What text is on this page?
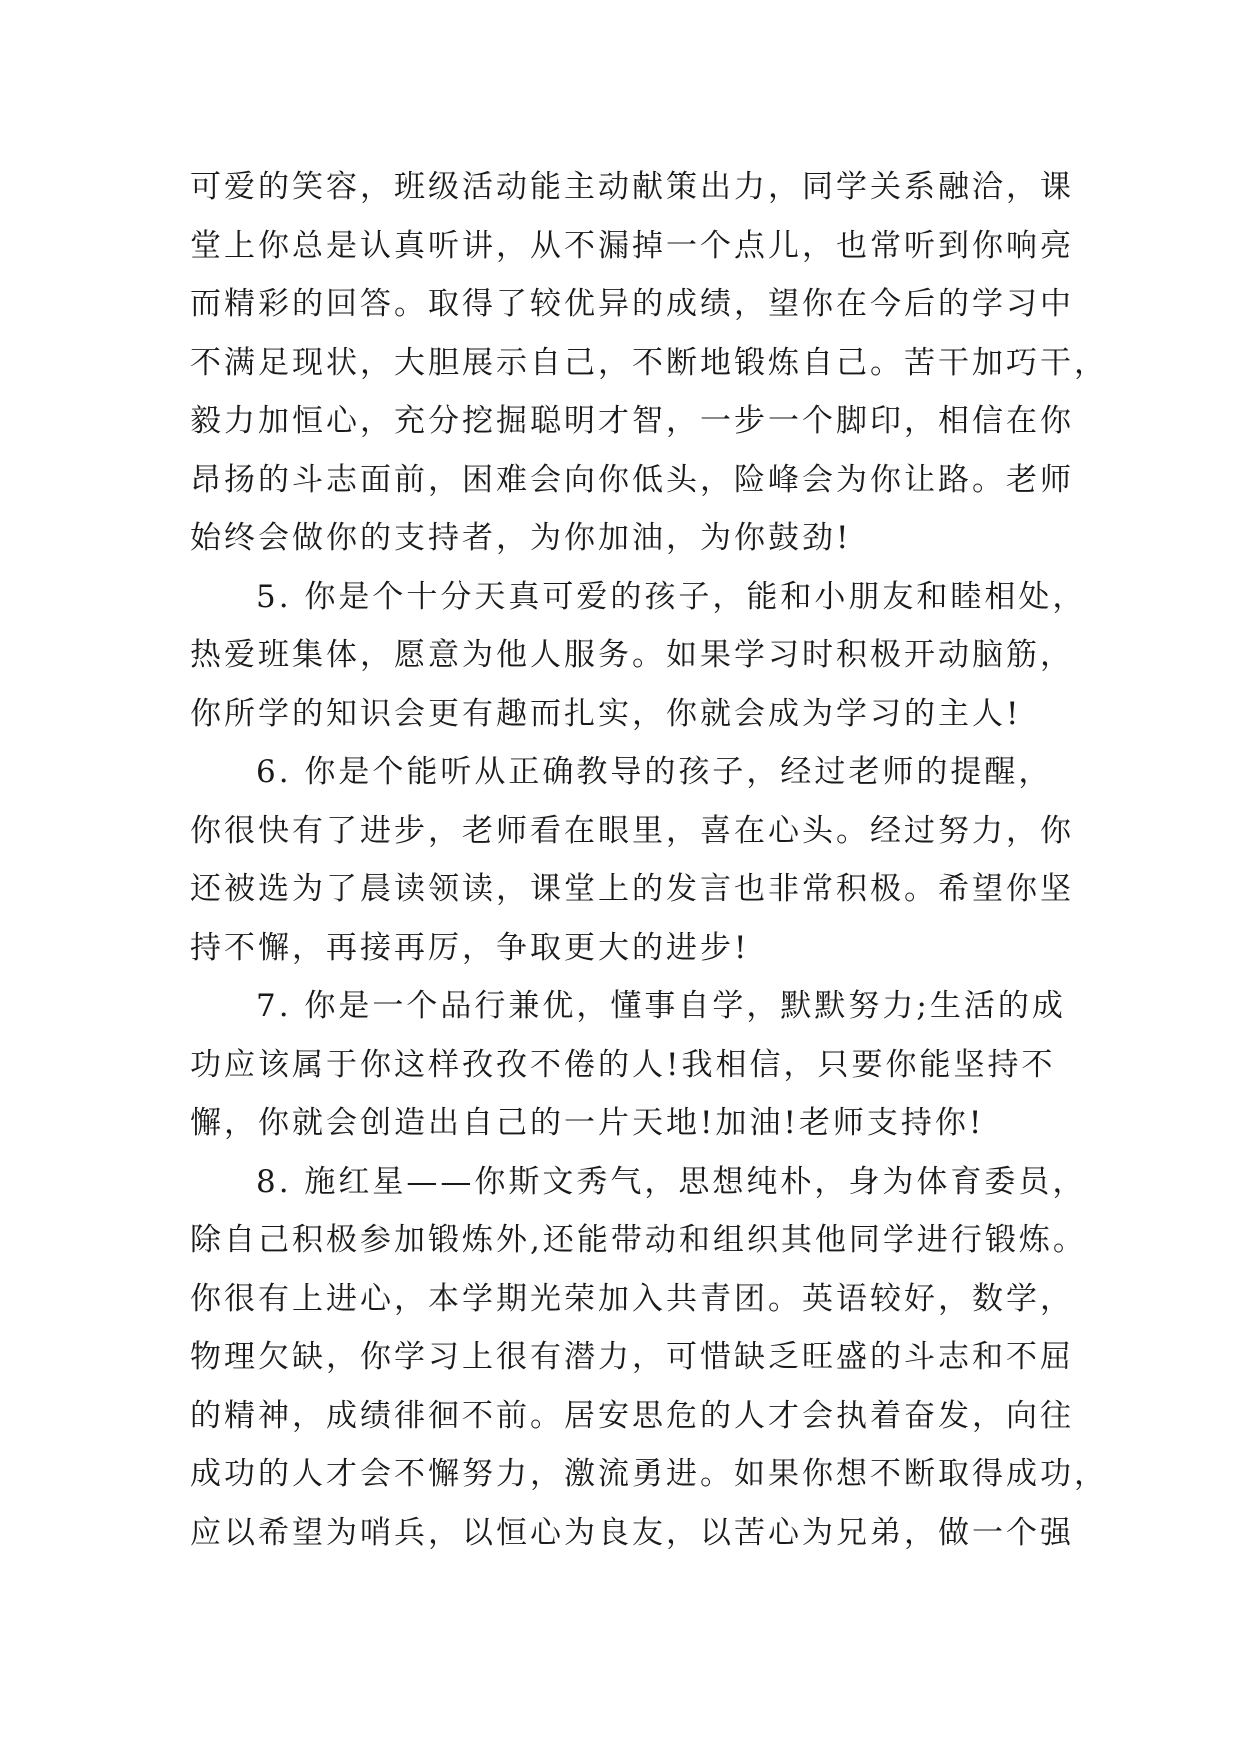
可爱的笑容，班级活动能主动献策出力，同学关系融洽，课
堂上你总是认真听讲，从不漏掉一个点儿，也常听到你响亮
而精彩的回答。取得了较优异的成绩，望你在今后的学习中
不满足现状，大胆展示自己，不断地锻炼自己。苦干加巧干，
毅力加恒心，充分挖掘聪明才智，一步一个脚印，相信在你
昂扬的斗志面前，困难会向你低头，险峰会为你让路。老师
始终会做你的支持者，为你加油，为你鼓劲!
5. 你是个十分天真可爱的孩子，能和小朋友和睦相处，
热爱班集体，愿意为他人服务。如果学习时积极开动脑筋，
你所学的知识会更有趣而扎实，你就会成为学习的主人!
6. 你是个能听从正确教导的孩子，经过老师的提醒，
你很快有了进步，老师看在眼里，喜在心头。经过努力，你
还被选为了晨读领读，课堂上的发言也非常积极。希望你坚
持不懈，再接再厉，争取更大的进步!
7. 你是一个品行兼优，懂事自学，默默努力;生活的成
功应该属于你这样孜孜不倦的人!我相信，只要你能坚持不
懈，你就会创造出自己的一片天地!加油!老师支持你!
8. 施红星——你斯文秀气，思想纯朴，身为体育委员，
除自己积极参加锻炼外,还能带动和组织其他同学进行锻炼。
你很有上进心，本学期光荣加入共青团。英语较好，数学，
物理欠缺，你学习上很有潜力，可惜缺乏旺盛的斗志和不屈
的精神，成绩徘徊不前。居安思危的人才会执着奋发，向往
成功的人才会不懈努力，激流勇进。如果你想不断取得成功，
应以希望为哨兵，以恒心为良友，以苦心为兄弟，做一个强
